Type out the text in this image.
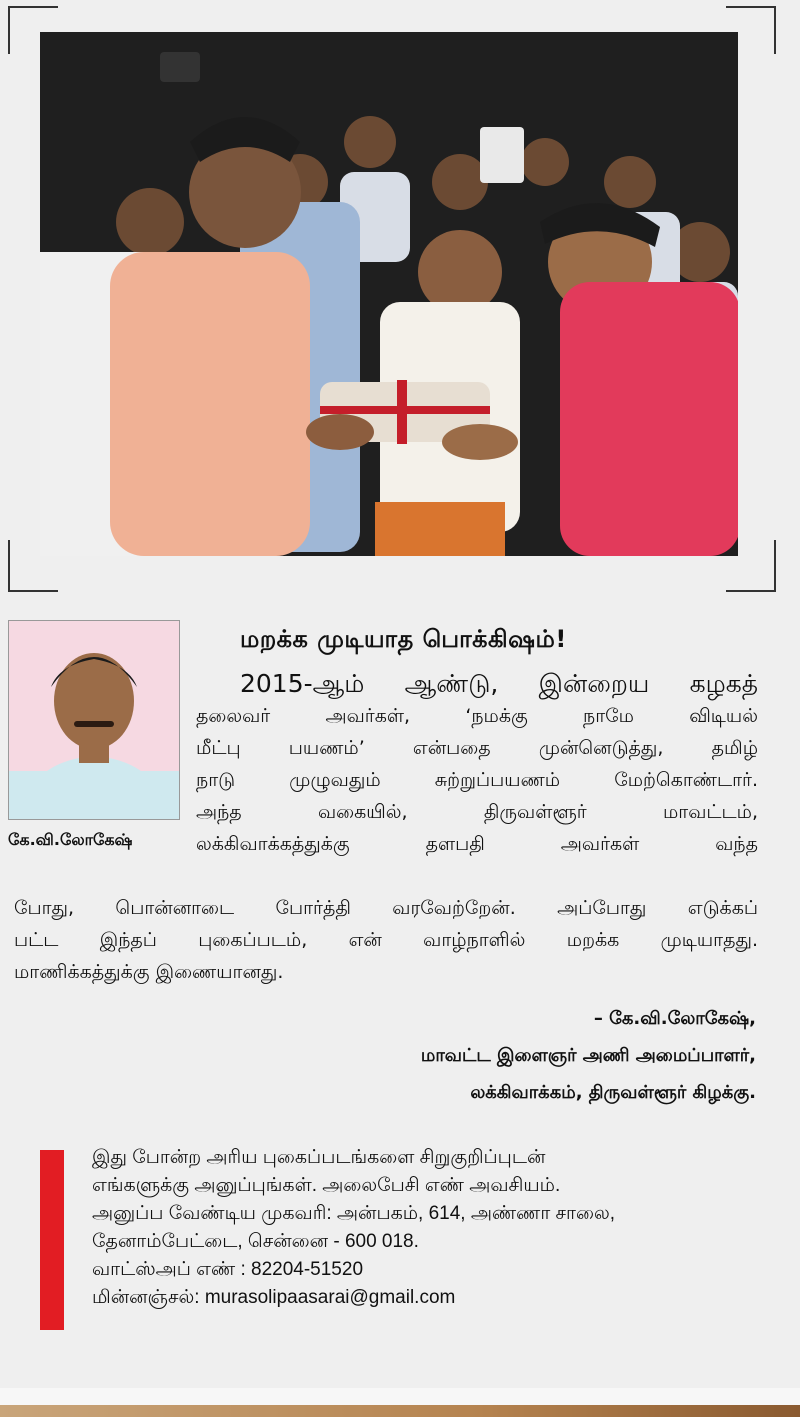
கே.வி.லோகேஷ்
மறக்க முடியாத பொக்கிஷம்!
2015-ஆம் ஆண்டு, இன்றைய கழகத்
தலைவர் அவர்கள், ‘நமக்கு நாமே விடியல்
மீட்பு பயணம்’ என்பதை முன்னெடுத்து, தமிழ்
நாடு முழுவதும் சுற்றுப்பயணம் மேற்கொண்டார்.
அந்த வகையில், திருவள்ளூர் மாவட்டம்,
லக்கிவாக்கத்துக்கு தளபதி அவர்கள் வந்த
போது, பொன்னாடை போர்த்தி வரவேற்றேன். அப்போது எடுக்கப்
பட்ட இந்தப் புகைப்படம், என் வாழ்நாளில் மறக்க முடியாதது.
மாணிக்கத்துக்கு இணையானது.
– கே.வி.லோகேஷ்,
மாவட்ட இளைஞர் அணி அமைப்பாளர்,
லக்கிவாக்கம், திருவள்ளூர் கிழக்கு.
இது போன்ற அரிய புகைப்படங்களை சிறுகுறிப்புடன்
எங்களுக்கு அனுப்புங்கள். அலைபேசி எண் அவசியம்.
அனுப்ப வேண்டிய முகவரி: அன்பகம், 614, அண்ணா சாலை,
தேனாம்பேட்டை, சென்னை - 600 018.
வாட்ஸ்அப் எண் : 82204-51520
மின்னஞ்சல்: murasolipaasarai@gmail.com
